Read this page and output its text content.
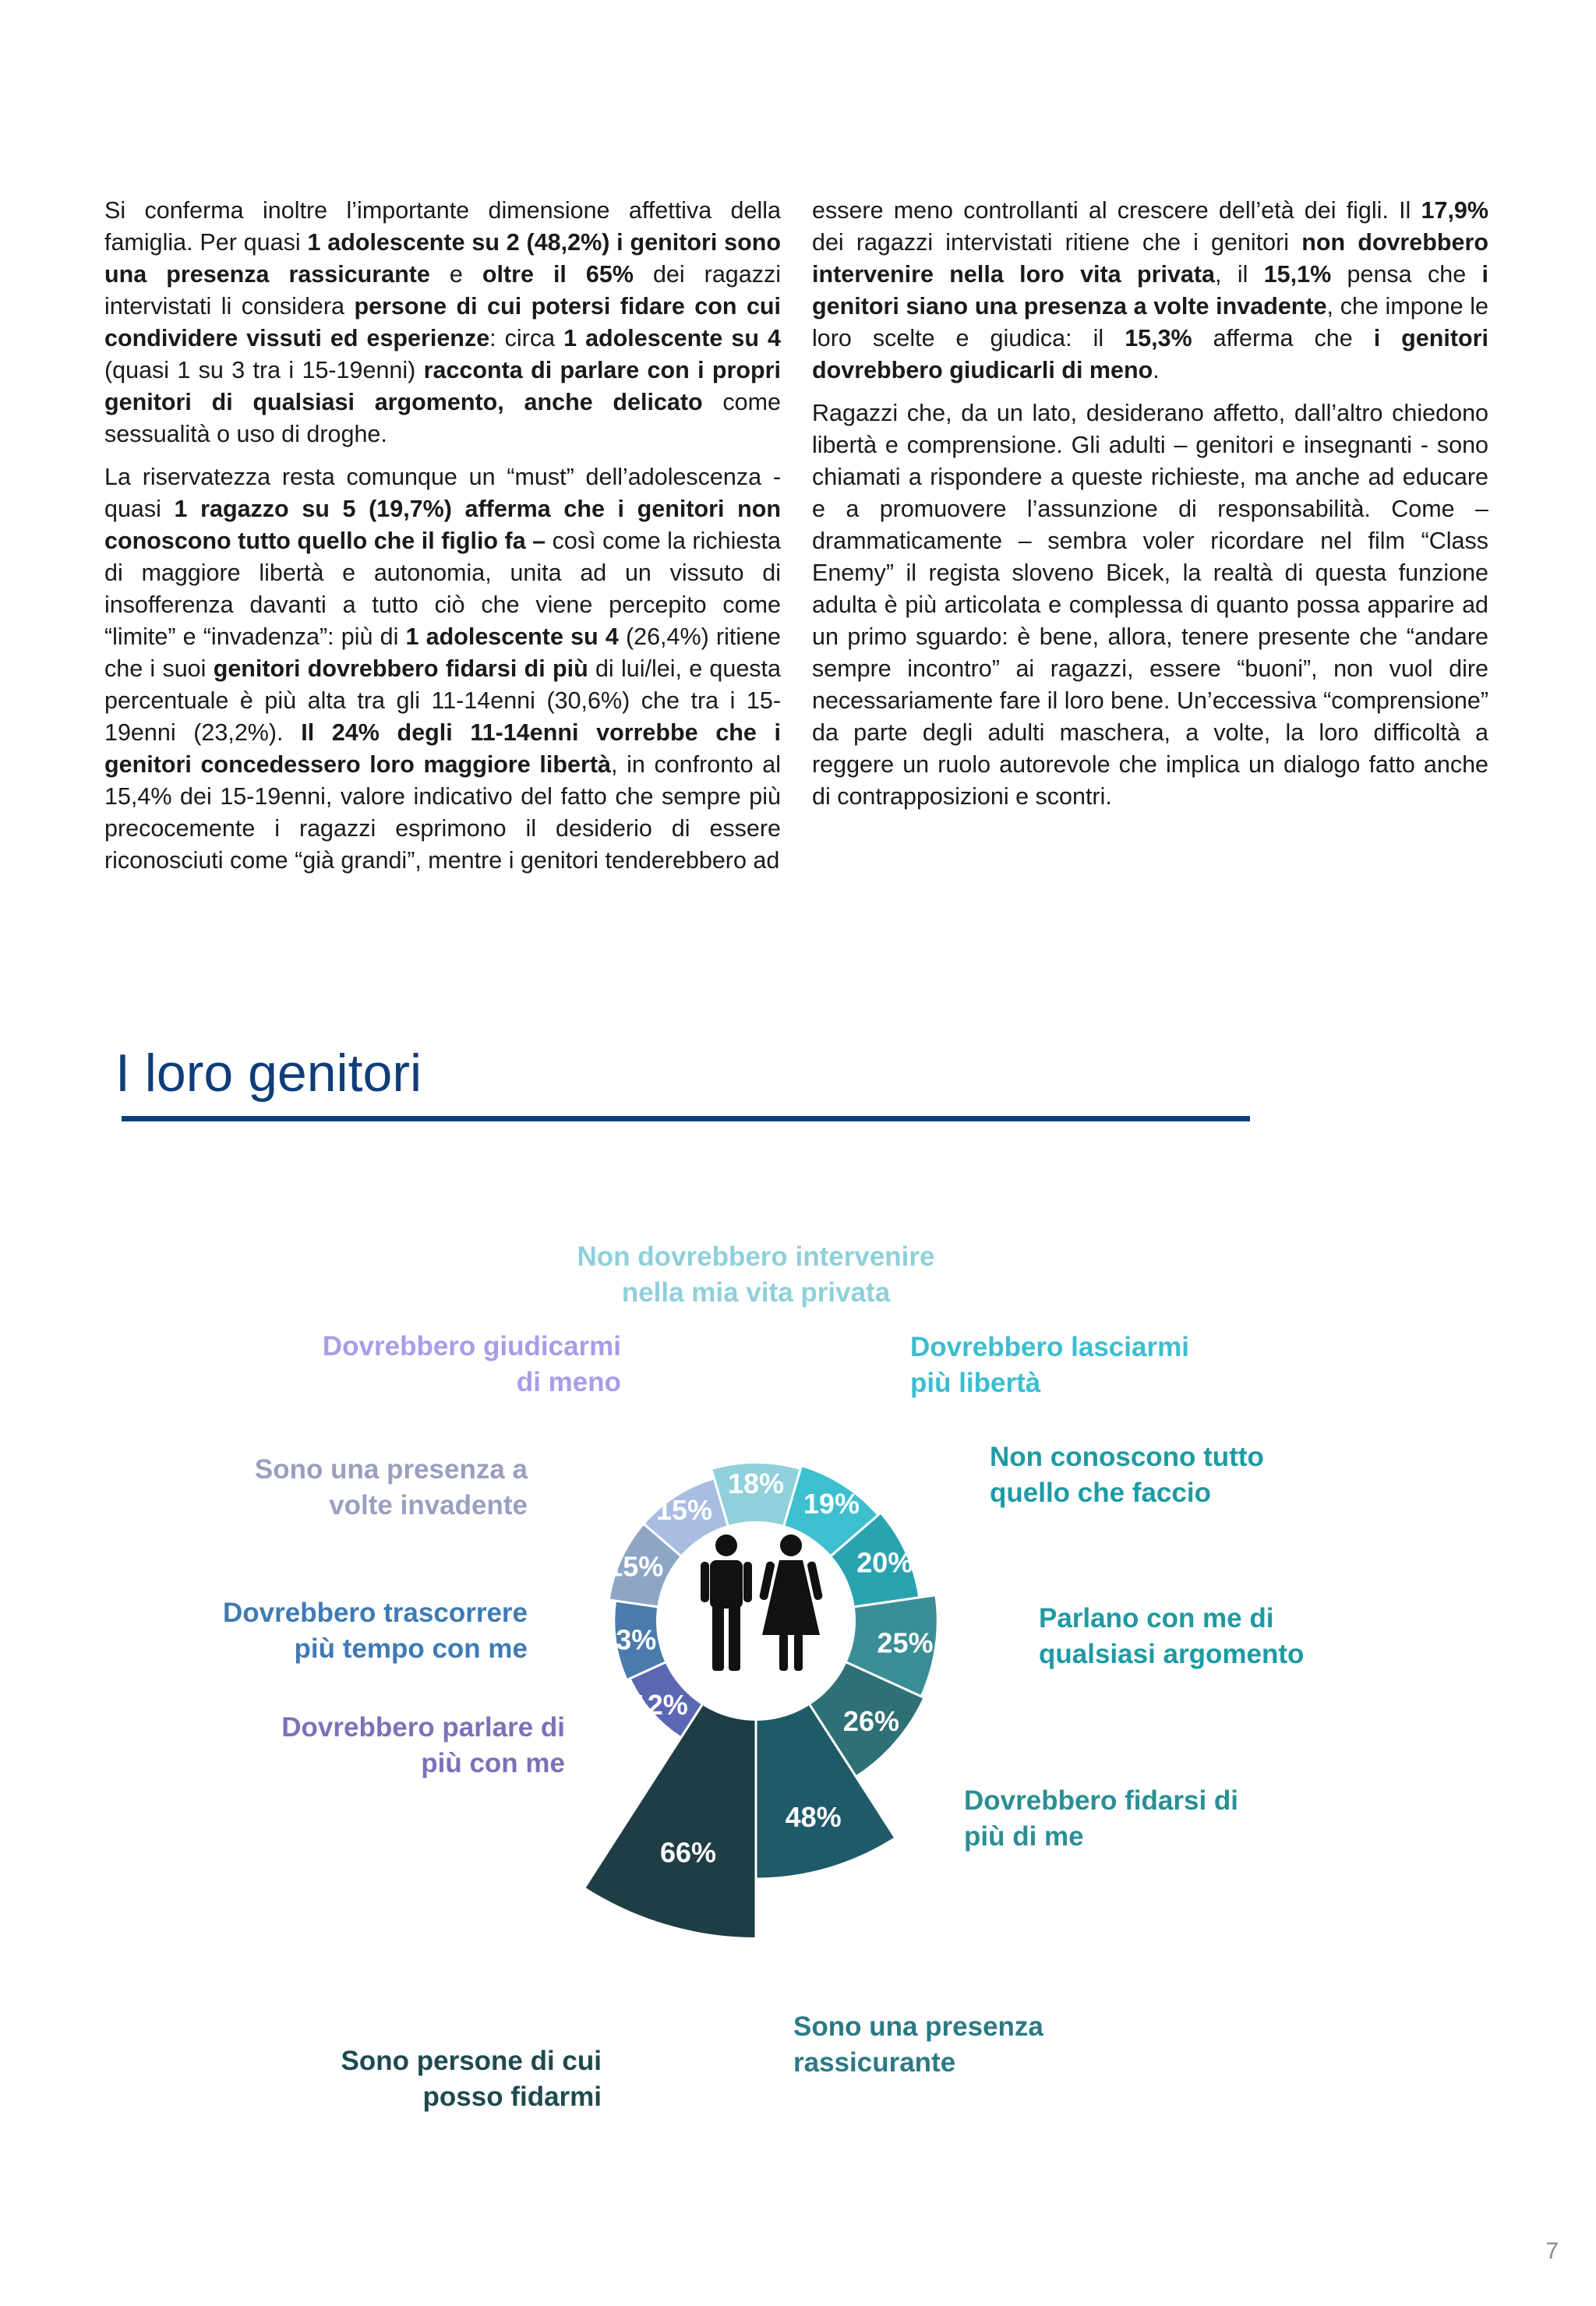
Si conferma inoltre l’importante dimensione affettiva della famiglia. Per quasi 1 adolescente su 2 (48,2%) i genitori sono una presenza rassicurante e oltre il 65% dei ragazzi intervistati li considera persone di cui potersi fidare con cui condividere vissuti ed esperienze: circa 1 adolescente su 4 (quasi 1 su 3 tra i 15-19enni) racconta di parlare con i propri genitori di qualsiasi argomento, anche delicato come sessualità o uso di droghe.

La riservatezza resta comunque un “must” dell’adolescenza - quasi 1 ragazzo su 5 (19,7%) afferma che i genitori non conoscono tutto quello che il figlio fa – così come la richiesta di maggiore libertà e autonomia, unita ad un vissuto di insofferenza davanti a tutto ciò che viene percepito come “limite” e “invadenza”: più di 1 adolescente su 4 (26,4%) ritiene che i suoi genitori dovrebbero fidarsi di più di lui/lei, e questa percentuale è più alta tra gli 11-14enni (30,6%) che tra i 15-19enni (23,2%). Il 24% degli 11-14enni vorrebbe che i genitori concedessero loro maggiore libertà, in confronto al 15,4% dei 15-19enni, valore indicativo del fatto che sempre più precocemente i ragazzi esprimono il desiderio di essere riconosciuti come “già grandi”, mentre i genitori tenderebbero ad

essere meno controllanti al crescere dell’età dei figli. Il 17,9% dei ragazzi intervistati ritiene che i genitori non dovrebbero intervenire nella loro vita privata, il 15,1% pensa che i genitori siano una presenza a volte invadente, che impone le loro scelte e giudica: il 15,3% afferma che i genitori dovrebbero giudicarli di meno.

Ragazzi che, da un lato, desiderano affetto, dall’altro chiedono libertà e comprensione. Gli adulti – genitori e insegnanti - sono chiamati a rispondere a queste richieste, ma anche ad educare e a promuovere l’assunzione di responsabilità. Come – drammaticamente – sembra voler ricordare nel film “Class Enemy” il regista sloveno Bicek, la realtà di questa funzione adulta è più articolata e complessa di quanto possa apparire ad un primo sguardo: è bene, allora, tenere presente che “andare sempre incontro” ai ragazzi, essere “buoni”, non vuol dire necessariamente fare il loro bene. Un’eccessiva “comprensione” da parte degli adulti maschera, a volte, la loro difficoltà a reggere un ruolo autorevole che implica un dialogo fatto anche di contrapposizioni e scontri.

I loro genitori
18%
19%
20%
25%
26%
48%
66%
12%
13%
15%
15%
Non dovrebbero intervenire nella mia vita privata
Dovrebbero lasciarmi più libertà
Non conoscono tutto quello che faccio
Parlano con me di qualsiasi argomento
Dovrebbero fidarsi di più di me
Sono una presenza rassicurante
Sono persone di cui posso fidarmi
Dovrebbero parlare di più con me
Dovrebbero trascorrere più tempo con me
Sono una presenza a volte invadente
Dovrebbero giudicarmi di meno
7
